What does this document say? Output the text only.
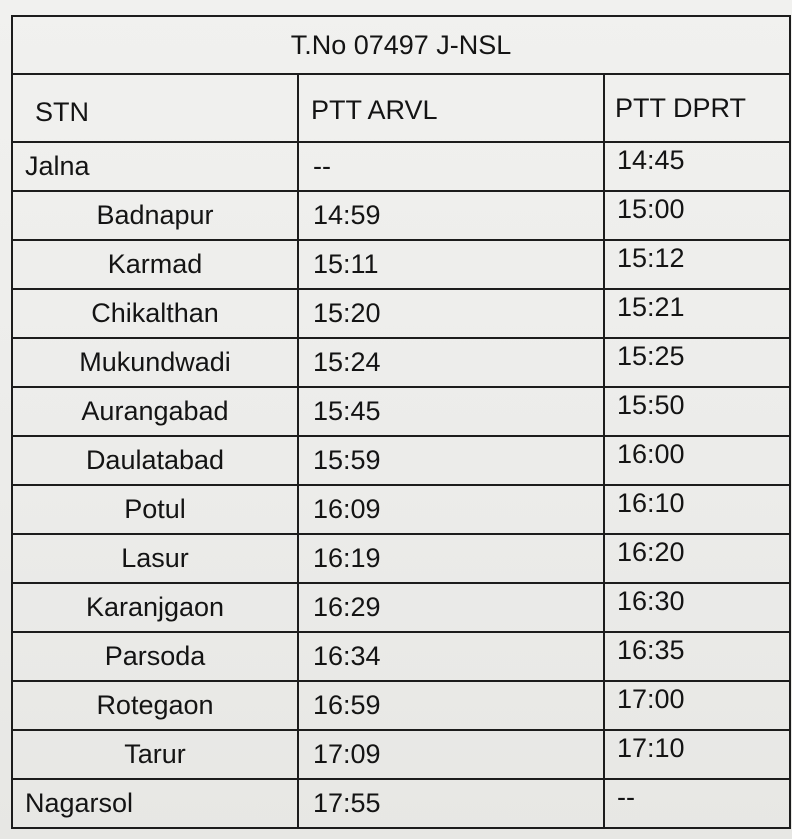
T.No 07497 J-NSL		
STN	PTT ARVL	PTT DPRT
Jalna	--	14:45
Badnapur	14:59	15:00
Karmad	15:11	15:12
Chikalthan	15:20	15:21
Mukundwadi	15:24	15:25
Aurangabad	15:45	15:50
Daulatabad	15:59	16:00
Potul	16:09	16:10
Lasur	16:19	16:20
Karanjgaon	16:29	16:30
Parsoda	16:34	16:35
Rotegaon	16:59	17:00
Tarur	17:09	17:10
Nagarsol	17:55	--
